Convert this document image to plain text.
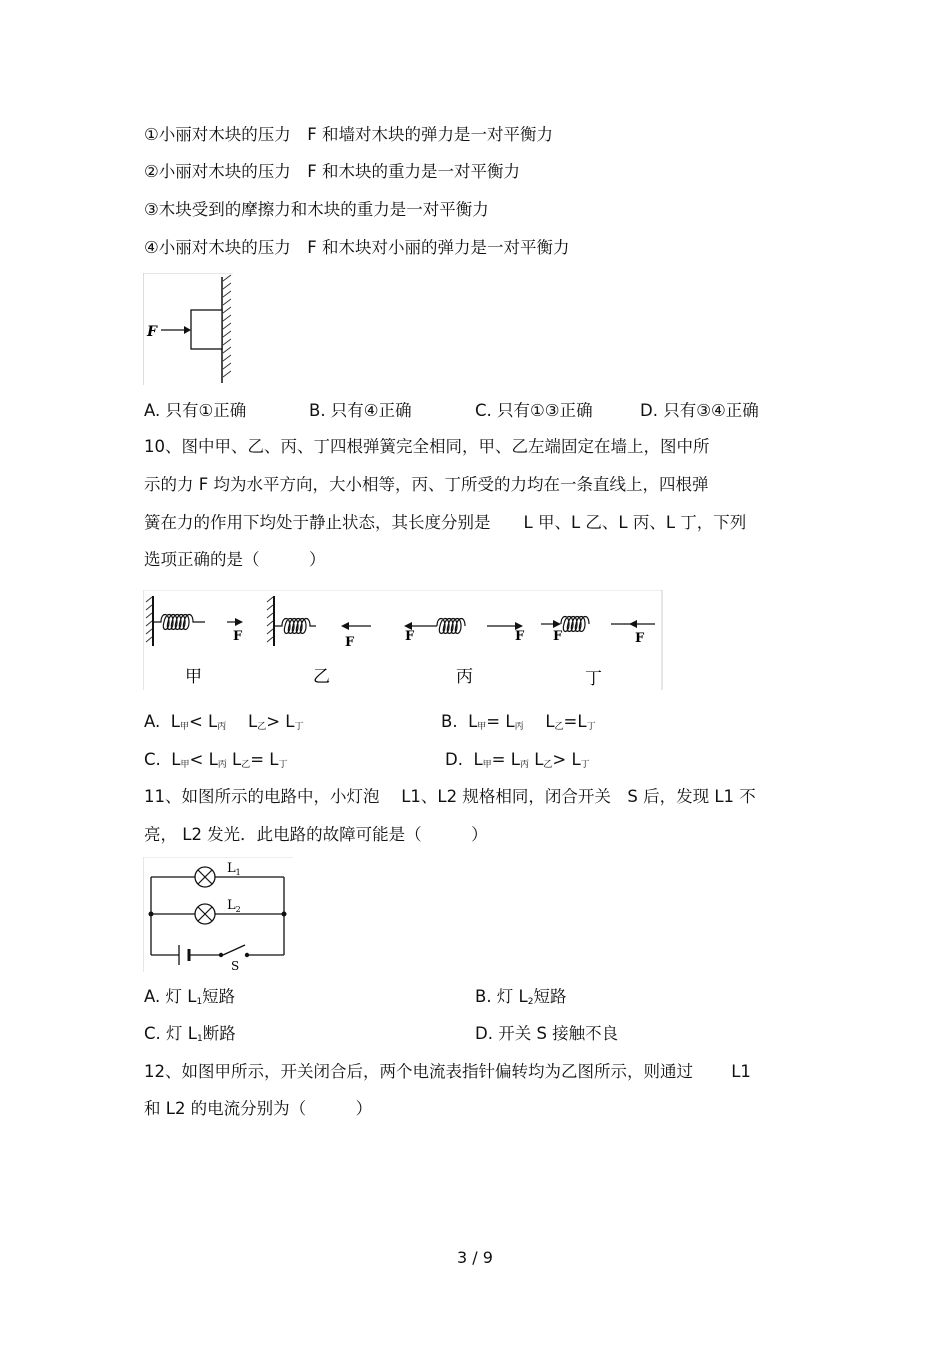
①小丽对木块的压力　F 和墙对木块的弹力是一对平衡力
②小丽对木块的压力　F 和木块的重力是一对平衡力
③木块受到的摩擦力和木块的重力是一对平衡力
④小丽对木块的压力　F 和木块对小丽的弹力是一对平衡力
F
A. 只有①正确	B. 只有④正确	C. 只有①③正确	D. 只有③④正确
10、图中甲、乙、丙、丁四根弹簧完全相同，甲、乙左端固定在墙上，图中所
示的力 F 均为水平方向，大小相等，丙、丁所受的力均在一条直线上，四根弹
簧在力的作用下均处于静止状态，其长度分别是　　L 甲、L 乙、L 丙、L 丁，下列
选项正确的是（　　　）
F	F	F	F F	F
甲	乙	丙	丁
A. $L_甲< L_丙$　 $L_乙> L_丁$	B. $L_甲= L_丙$　 $L_乙=L_丁$
C. $L_甲< L_丙$ $L_乙= L_丁$	D. $L_甲= L_丙$ $L_乙> L_丁$
11、如图所示的电路中，小灯泡　 L1、L2 规格相同，闭合开关　S 后，发现 L1 不
亮， L2 发光．此电路的故障可能是（　　　）
$L_1$
$L_2$
S
A. 灯 $L_1$短路	B. 灯 $L_2$短路
C. 灯 $L_1$断路	D. 开关 S 接触不良
12、如图甲所示，开关闭合后，两个电流表指针偏转均为乙图所示，则通过　　 L1
和 L2 的电流分别为（　　　）
3 / 9
